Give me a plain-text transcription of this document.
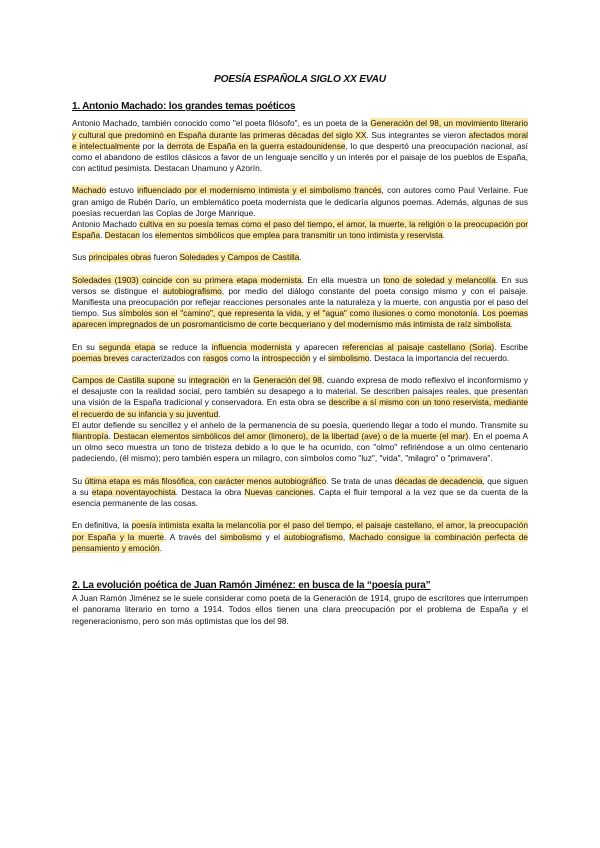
POESÍA ESPAÑOLA SIGLO XX EVAU
1. Antonio Machado: los grandes temas poéticos

Antonio Machado, también conocido como "el poeta filósofo", es un poeta de la Generación del 98, un movimiento literario y cultural que predominó en España durante las primeras décadas del siglo XX. Sus integrantes se vieron afectados moral e intelectualmente por la derrota de España en la guerra estadounidense, lo que despertó una preocupación nacional, así como el abandono de estilos clásicos a favor de un lenguaje sencillo y un interés por el paisaje de los pueblos de España, con actitud pesimista. Destacan Unamuno y Azorín.

Machado estuvo influenciado por el modernismo intimista y el simbolismo francés, con autores como Paul Verlaine. Fue gran amigo de Rubén Darío, un emblemático poeta modernista que le dedicaría algunos poemas. Además, algunas de sus poesías recuerdan las Coplas de Jorge Manrique.

Antonio Machado cultiva en su poesía temas como el paso del tiempo, el amor, la muerte, la religión o la preocupación por España. Destacan los elementos simbólicos que emplea para transmitir un tono intimista y reservista.

Sus principales obras fueron Soledades y Campos de Castilla.

Soledades (1903) coincide con su primera etapa modernista. En ella muestra un tono de soledad y melancolía. En sus versos se distingue el autobiografismo, por medio del diálogo constante del poeta consigo mismo y con el paisaje. Manifiesta una preocupación por reflejar reacciones personales ante la naturaleza y la muerte, con angustia por el paso del tiempo. Sus símbolos son el "camino", que representa la vida, y el "agua" como ilusiones o como monotonía. Los poemas aparecen impregnados de un posromanticismo de corte becqueriano y del modernismo más intimista de raíz simbolista.

En su segunda etapa se reduce la influencia modernista y aparecen referencias al paisaje castellano (Soria). Escribe poemas breves caracterizados con rasgos como la introspección y el simbolismo. Destaca la importancia del recuerdo.

Campos de Castilla supone su integración en la Generación del 98, cuando expresa de modo reflexivo el inconformismo y el desajuste con la realidad social, pero también su desapego a lo material. Se describen paisajes reales, que presentan una visión de la España tradicional y conservadora. En esta obra se describe a sí mismo con un tono reservista, mediante el recuerdo de su infancia y su juventud.

El autor defiende su sencillez y el anhelo de la permanencia de su poesía, queriendo llegar a todo el mundo. Transmite su filantropía. Destacan elementos simbólicos del amor (limonero), de la libertad (ave) o de la muerte (el mar). En el poema A un olmo seco muestra un tono de tristeza debido a lo que le ha ocurrido, con "olmo" refiriéndose a un olmo centenario padeciendo, (él mismo); pero también espera un milagro, con símbolos como "luz", "vida", "milagro" o "primavera".

Su última etapa es más filosófica, con carácter menos autobiográfico. Se trata de unas décadas de decadencia, que siguen a su etapa noventayochista. Destaca la obra Nuevas canciones. Capta el fluir temporal a la vez que se da cuenta de la esencia permanente de las cosas.

En definitiva, la poesía intimista exalta la melancolía por el paso del tiempo, el paisaje castellano, el amor, la preocupación por España y la muerte. A través del simbolismo y el autobiografismo, Machado consigue la combinación perfecta de pensamiento y emoción.

2. La evolución poética de Juan Ramón Jiménez: en busca de la “poesía pura”

A Juan Ramón Jiménez se le suele considerar como poeta de la Generación de 1914, grupo de escritores que interrumpen el panorama literario en torno a 1914. Todos ellos tienen una clara preocupación por el problema de España y el regeneracionismo, pero son más optimistas que los del 98.
